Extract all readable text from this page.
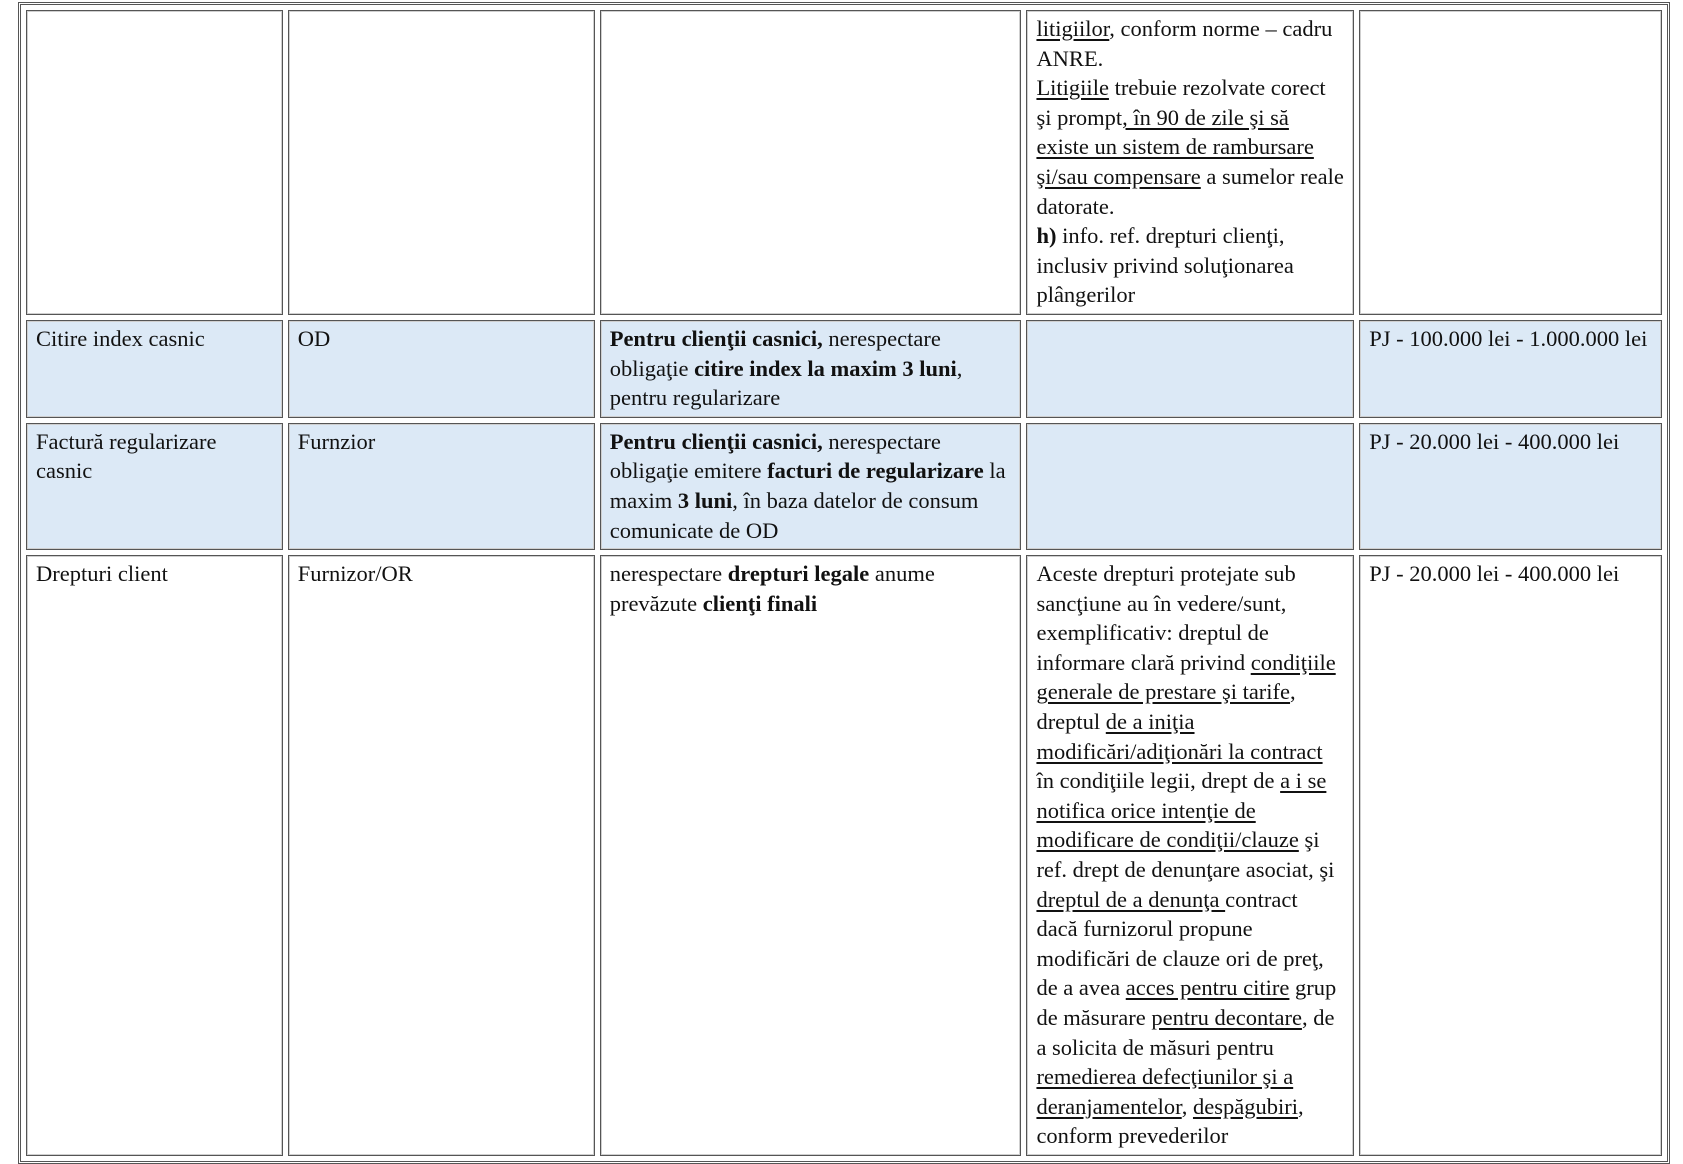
			litigiilor, conform norme – cadru ANRE.
Litigiile trebuie rezolvate corect şi prompt, în 90 de zile şi să existe un sistem de rambursare şi/sau compensare a sumelor reale datorate.
h) info. ref. drepturi clienţi, inclusiv privind soluţionarea plângerilor	
Citire index casnic	OD	Pentru clienţii casnici, nerespectare obligaţie citire index la maxim 3 luni, pentru regularizare		PJ - 100.000 lei - 1.000.000 lei
Factură regularizare casnic	Furnzior	Pentru clienţii casnici, nerespectare obligaţie emitere facturi de regularizare la maxim 3 luni, în baza datelor de consum comunicate de OD		PJ - 20.000 lei - 400.000 lei
Drepturi client	Furnizor/OR	nerespectare drepturi legale anume prevăzute clienţi finali	Aceste drepturi protejate sub sancţiune au în vedere/sunt, exemplificativ: dreptul de informare clară privind condiţiile generale de prestare şi tarife, dreptul de a iniţia modificări/adiţionări la contract în condiţiile legii, drept de a i se notifica orice intenţie de modificare de condiţii/clauze şi ref. drept de denunţare asociat, şi dreptul de a denunţa contract dacă furnizorul propune modificări de clauze ori de preţ, de a avea acces pentru citire grup de măsurare pentru decontare, de a solicita de măsuri pentru remedierea defecţiunilor şi a deranjamentelor, despăgubiri, conform prevederilor	PJ - 20.000 lei - 400.000 lei
